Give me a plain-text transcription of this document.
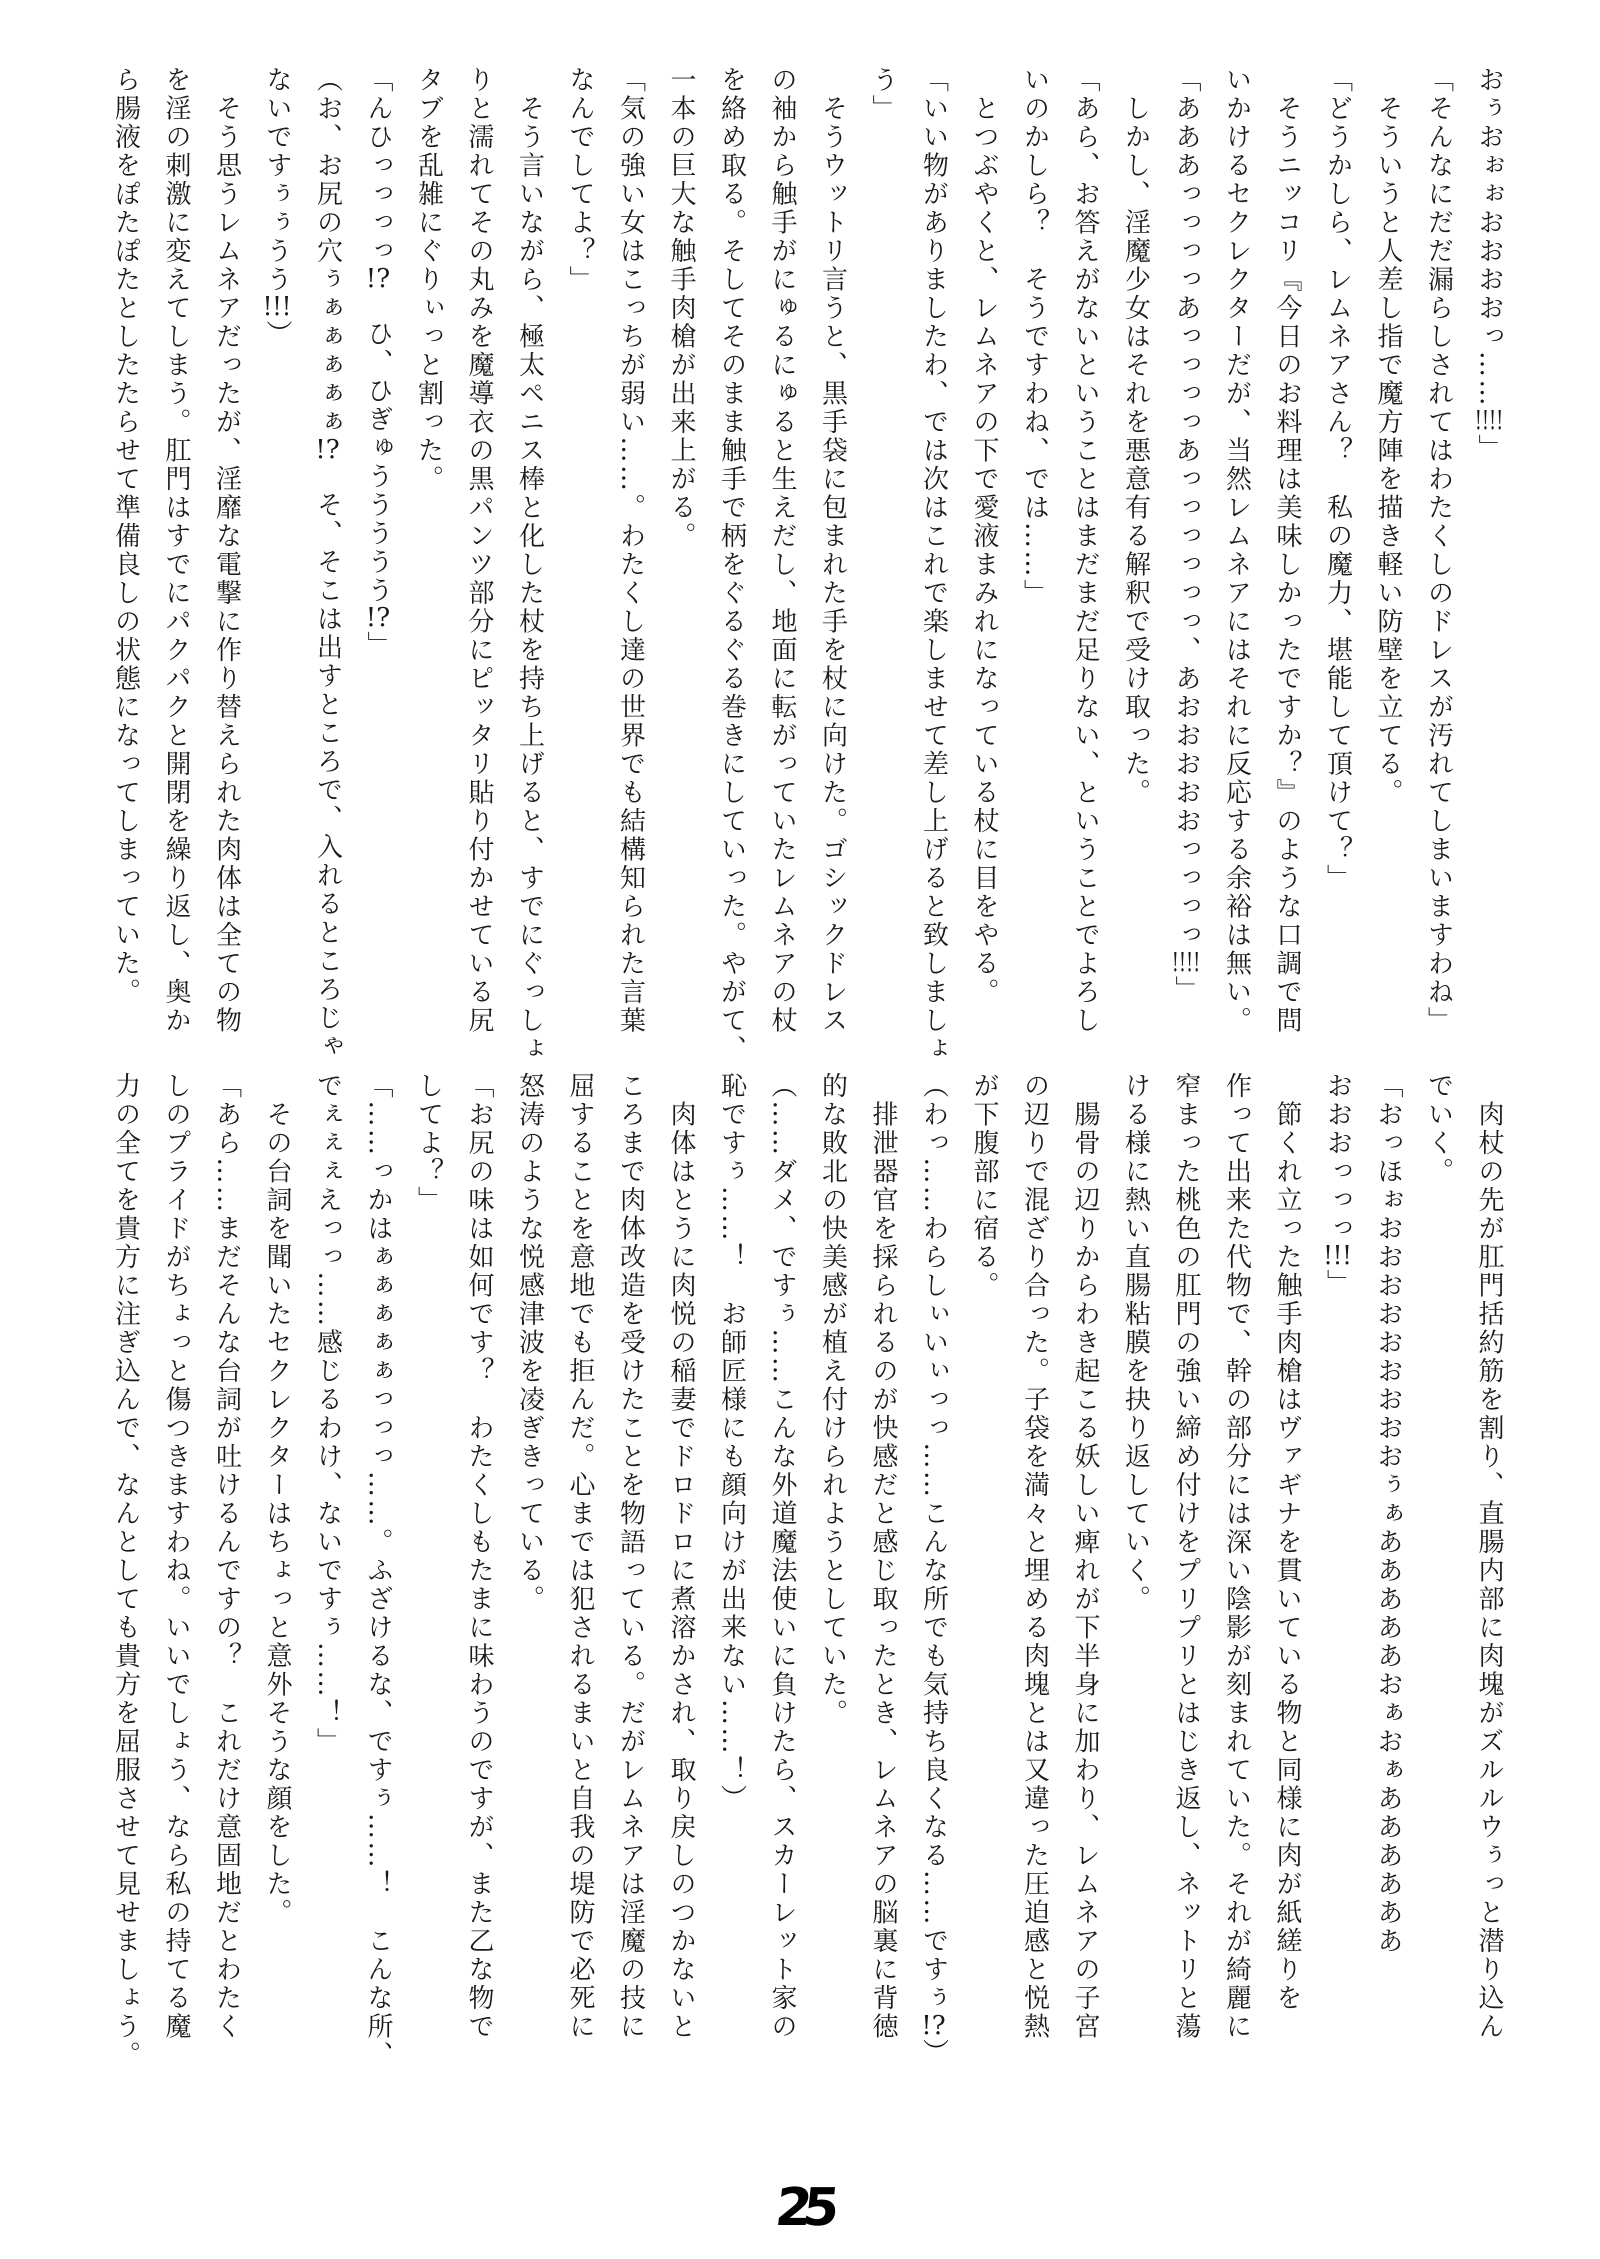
おぅおぉぉおおおおっ……!!!!」
「そんなにだだ漏らしされてはわたくしのドレスが汚れてしまいますわね」
　そういうと人差し指で魔方陣を描き軽い防壁を立てる。
「どうかしら、レムネアさん？　私の魔力、堪能して頂けて？」
　そうニッコリ『今日のお料理は美味しかったですか？』のような口調で問
いかけるセクレクターだが、当然レムネアにはそれに反応する余裕は無い。
「あああっっっっあっっっっあっっっっっっ、あおおおおおっっっっ!!!!」
　しかし、淫魔少女はそれを悪意有る解釈で受け取った。
「あら、お答えがないということはまだまだ足りない、ということでよろし
いのかしら？　そうですわね、では……」
　とつぶやくと、レムネアの下で愛液まみれになっている杖に目をやる。
「いい物がありましたわ、では次はこれで楽しませて差し上げると致しましょ
う」
　そうウットリ言うと、黒手袋に包まれた手を杖に向けた。ゴシックドレス
の袖から触手がにゅるにゅると生えだし、地面に転がっていたレムネアの杖
を絡め取る。そしてそのまま触手で柄をぐるぐる巻きにしていった。やがて、
一本の巨大な触手肉槍が出来上がる。
「気の強い女はこっちが弱い……。わたくし達の世界でも結構知られた言葉
なんでしてよ？」
　そう言いながら、極太ペニス棒と化した杖を持ち上げると、すでにぐっしょ
りと濡れてその丸みを魔導衣の黒パンツ部分にピッタリ貼り付かせている尻
タブを乱雑にぐりぃっと割った。
「んひっっっっ!?　ひ、ひぎゅううううう!?」
（お、お尻の穴ぅぁぁぁぁぁ!?　そ、そこは出すところで、入れるところじゃ
ないですぅぅうう!!!）
　そう思うレムネアだったが、淫靡な電撃に作り替えられた肉体は全ての物
を淫の刺激に変えてしまう。肛門はすでにパクパクと開閉を繰り返し、奥か
ら腸液をぽたぽたとしたたらせて準備良しの状態になってしまっていた。
　肉杖の先が肛門括約筋を割り、直腸内部に肉塊がズルルウぅっと潜り込ん
でいく。
「おっほぉおおおおおおおおおぅぁあああああおぁおぁああああああ
おおおっっっ!!!」
　節くれ立った触手肉槍はヴァギナを貫いている物と同様に肉が紙縒りを
作って出来た代物で、幹の部分には深い陰影が刻まれていた。それが綺麗に
窄まった桃色の肛門の強い締め付けをプリプリとはじき返し、ネットリと蕩
ける様に熱い直腸粘膜を抉り返していく。
　腸骨の辺りからわき起こる妖しい痺れが下半身に加わり、レムネアの子宮
の辺りで混ざり合った。子袋を満々と埋める肉塊とは又違った圧迫感と悦熱
が下腹部に宿る。
（わっ……わらしぃいぃっっ……こんな所でも気持ち良くなる……ですぅ!?）
　排泄器官を採られるのが快感だと感じ取ったとき、レムネアの脳裏に背徳
的な敗北の快美感が植え付けられようとしていた。
（……ダメ、ですぅ……こんな外道魔法使いに負けたら、スカーレット家の
恥ですぅ……！　お師匠様にも顔向けが出来ない……！）
　肉体はとうに肉悦の稲妻でドロドロに煮溶かされ、取り戻しのつかないと
ころまで肉体改造を受けたことを物語っている。だがレムネアは淫魔の技に
屈することを意地でも拒んだ。心までは犯されるまいと自我の堤防で必死に
怒涛のような悦感津波を凌ぎきっている。
「お尻の味は如何です？　わたくしもたまに味わうのですが、また乙な物で
してよ？」
「……っかはぁぁぁぁぁっっっ……。ふざけるな、ですぅ……！　こんな所、
でぇぇぇえっっ……感じるわけ、ないですぅ……！」
　その台詞を聞いたセクレクターはちょっと意外そうな顔をした。
「あら……まだそんな台詞が吐けるんですの？　これだけ意固地だとわたく
しのプライドがちょっと傷つきますわね。いいでしょう、なら私の持てる魔
力の全てを貴方に注ぎ込んで、なんとしても貴方を屈服させて見せましょう。
25
